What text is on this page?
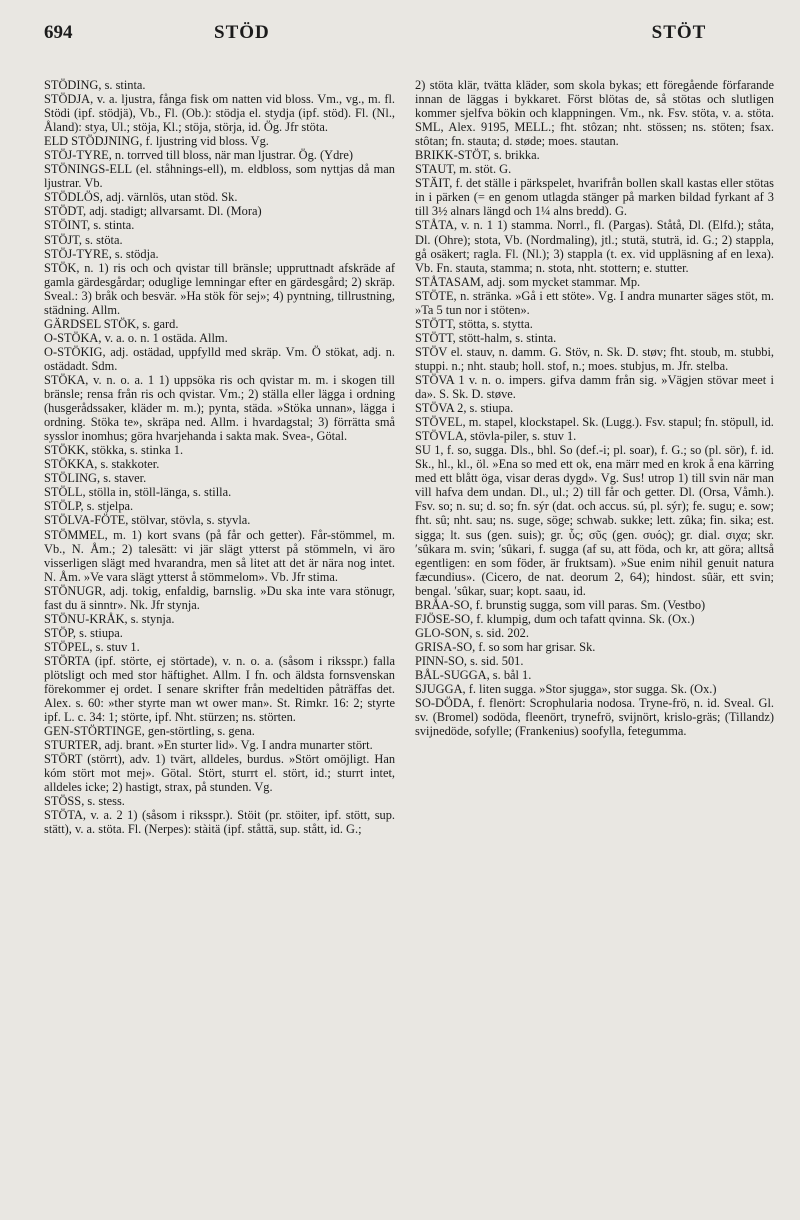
694	STÖD	STÖT

STÖDING, s. stinta.

STÖDJA, v. a. ljustra, fånga fisk om natten vid bloss. Vm., vg., m. fl. Stödi (ipf. stödjä), Vb., Fl. (Ob.): stödja el. stydja (ipf. stöd). Fl. (Nl., Åland): stya, Ul.; stöja, Kl.; stöja, störja, id. Ög. Jfr stöta.

ELD STÖDJNING, f. ljustring vid bloss. Vg.

STÖJ-TYRE, n. torrved till bloss, när man ljustrar. Ög. (Ydre)

STÖNINGS-ELL (el. ståhnings-ell), m. eldbloss, som nyttjas då man ljustrar. Vb.

STÖDLÖS, adj. värnlös, utan stöd. Sk.

STÖDT, adj. stadigt; allvarsamt. Dl. (Mora)

STÖINT, s. stinta.

STÖJT, s. stöta.

STÖJ-TYRE, s. stödja.

STÖK, n. 1) ris och och qvistar till bränsle; uppruttnadt afskräde af gamla gärdesgårdar; oduglige lemningar efter en gärdesgård; 2) skräp. Sveal.: 3) bråk och besvär. »Ha stök för sej»; 4) pyntning, tillrustning, städning. Allm.

GÄRDSEL STÖK, s. gard.

O-STÖKA, v. a. o. n. 1 ostäda. Allm.

O-STÖKIG, adj. ostädad, uppfylld med skräp. Vm. Ö stökat, adj. n. ostädadt. Sdm.

STÖKA, v. n. o. a. 1 1) uppsöka ris och qvistar m. m. i skogen till bränsle; rensa från ris och qvistar. Vm.; 2) ställa eller lägga i ordning (husgerådssaker, kläder m. m.); pynta, städa. »Stöka unnan», lägga i ordning. Stöka te», skräpa ned. Allm. i hvardagstal; 3) förrätta små sysslor inomhus; göra hvarjehanda i sakta mak. Svea-, Götal.

STÖKK, stökka, s. stinka 1.

STÖKKA, s. stakkoter.

STÖLING, s. staver.

STÖLL, stölla in, stöll-länga, s. stilla.

STÖLP, s. stjelpa.

STÖLVA-FÖTE, stölvar, stövla, s. styvla.

STÖMMEL, m. 1) kort svans (på får och getter). Får-stömmel, m. Vb., N. Åm.; 2) talesätt: vi jär slägt ytterst på stömmeln, vi äro visserligen slägt med hvarandra, men så litet att det är nära nog intet. N. Åm. »Ve vara slägt ytterst å stömmelom». Vb. Jfr stima.

STÖNUGR, adj. tokig, enfaldig, barnslig. »Du ska inte vara stönugr, fast du ä sinntr». Nk. Jfr stynja.

STÖNU-KRÅK, s. stynja.

STÖP, s. stiupa.

STÖPEL, s. stuv 1.

STÖRTA (ipf. störte, ej störtade), v. n. o. a. (såsom i riksspr.) falla plötsligt och med stor häftighet. Allm. I fn. och äldsta fornsvenskan förekommer ej ordet. I senare skrifter från medeltiden påträffas det. Alex. s. 60: »ther styrte man wt ower man». St. Rimkr. 16: 2; styrte ipf. L. c. 34: 1; störte, ipf. Nht. stürzen; ns. störten.

GEN-STÖRTINGE, gen-störtling, s. gena.

STURTER, adj. brant. »En sturter lid». Vg. I andra munarter stört.

STÖRT (störrt), adv. 1) tvärt, alldeles, burdus. »Stört omöjligt. Han kóm stört mot mej». Götal. Stört, sturrt el. stört, id.; sturrt intet, alldeles icke; 2) hastigt, strax, på stunden. Vg.

STÖSS, s. stess.

STÖTA, v. a. 2 1) (såsom i riksspr.). Stöit (pr. stöiter, ipf. stött, sup. stätt), v. a. stöta. Fl. (Nerpes): stàitä (ipf. ståttä, sup. stått, id. G.;

2) stöta klär, tvätta kläder, som skola bykas; ett föregående förfarande innan de läggas i bykkaret. Först blötas de, så stötas och slutligen kommer sjelfva bökin och klappningen. Vm., nk. Fsv. stöta, v. a. stöta. SML, Alex. 9195, MELL.; fht. stôzan; nht. stössen; ns. stöten; fsax. stôtan; fn. stauta; d. støde; moes. stautan.

BRIKK-STÖT, s. brikka.

STAUT, m. stöt. G.

STÄIT, f. det ställe i pärkspelet, hvarifrån bollen skall kastas eller stötas in i pärken (= en genom utlagda stänger på marken bildad fyrkant af 3 till 3½ alnars längd och 1¼ alns bredd). G.

STÅTA, v. n. 1 1) stamma. Norrl., fl. (Pargas). Ståtå, Dl. (Elfd.); ståta, Dl. (Ohre); stota, Vb. (Nordmaling), jtl.; stutä, stuträ, id. G.; 2) stappla, gå osäkert; ragla. Fl. (Nl.); 3) stappla (t. ex. vid uppläsning af en lexa). Vb. Fn. stauta, stamma; n. stota, nht. stottern; e. stutter.

STÅTASAM, adj. som mycket stammar. Mp.

STÖTE, n. stränka. »Gå i ett stöte». Vg. I andra munarter säges stöt, m. »Ta 5 tun nor i stöten».

STÖTT, stötta, s. stytta.

STÖTT, stött-halm, s. stinta.

STÖV el. stauv, n. damm. G. Stöv, n. Sk. D. støv; fht. stoub, m. stubbi, stuppi. n.; nht. staub; holl. stof, n.; moes. stubjus, m. Jfr. stelba.

STÖVA 1 v. n. o. impers. gifva damm från sig. »Vägjen stövar meet i da». S. Sk. D. støve.

STÖVA 2, s. stiupa.

STÖVEL, m. stapel, klockstapel. Sk. (Lugg.). Fsv. stapul; fn. stöpull, id.

STÖVLA, stövla-piler, s. stuv 1.

SU 1, f. so, sugga. Dls., bhl. So (def.-i; pl. soar), f. G.; so (pl. sör), f. id. Sk., hl., kl., öl. »Ena so med ett ok, ena märr med en krok å ena kärring med ett blått öga, visar deras dygd». Vg. Sus! utrop 1) till svin när man vill hafva dem undan. Dl., ul.; 2) till får och getter. Dl. (Orsa, Våmh.). Fsv. so; n. su; d. so; fn. sýr (dat. och accus. sú, pl. sýr); fe. sugu; e. sow; fht. sû; nht. sau; ns. suge, söge; schwab. sukke; lett. zûka; fin. sika; est. sigga; lt. sus (gen. suis); gr. ὗς; σῦς (gen. συός); gr. dial. σιχα; skr. ′sûkara m. svin; ′sûkari, f. sugga (af su, att föda, och kr, att göra; alltså egentligen: en som föder, är fruktsam). »Sue enim nihil genuit natura fæcundius». (Cicero, de nat. deorum 2, 64); hindost. sûär, ett svin; bengal. ′sûkar, suar; kopt. saau, id.

BRÅA-SO, f. brunstig sugga, som vill paras. Sm. (Vestbo)

FJÖSE-SO, f. klumpig, dum och tafatt qvinna. Sk. (Ox.)

GLO-SON, s. sid. 202.

GRISA-SO, f. so som har grisar. Sk.

PINN-SO, s. sid. 501.

BÅL-SUGGA, s. bål 1.

SJUGGA, f. liten sugga. »Stor sjugga», stor sugga. Sk. (Ox.)

SO-DÖDA, f. flenört: Scrophularia nodosa. Tryne-frö, n. id. Sveal. Gl. sv. (Bromel) sodöda, fleenört, trynefrö, svijnört, krislo-gräs; (Tillandz) svijnedöde, sofylle; (Frankenius) soofylla, fetegumma.
